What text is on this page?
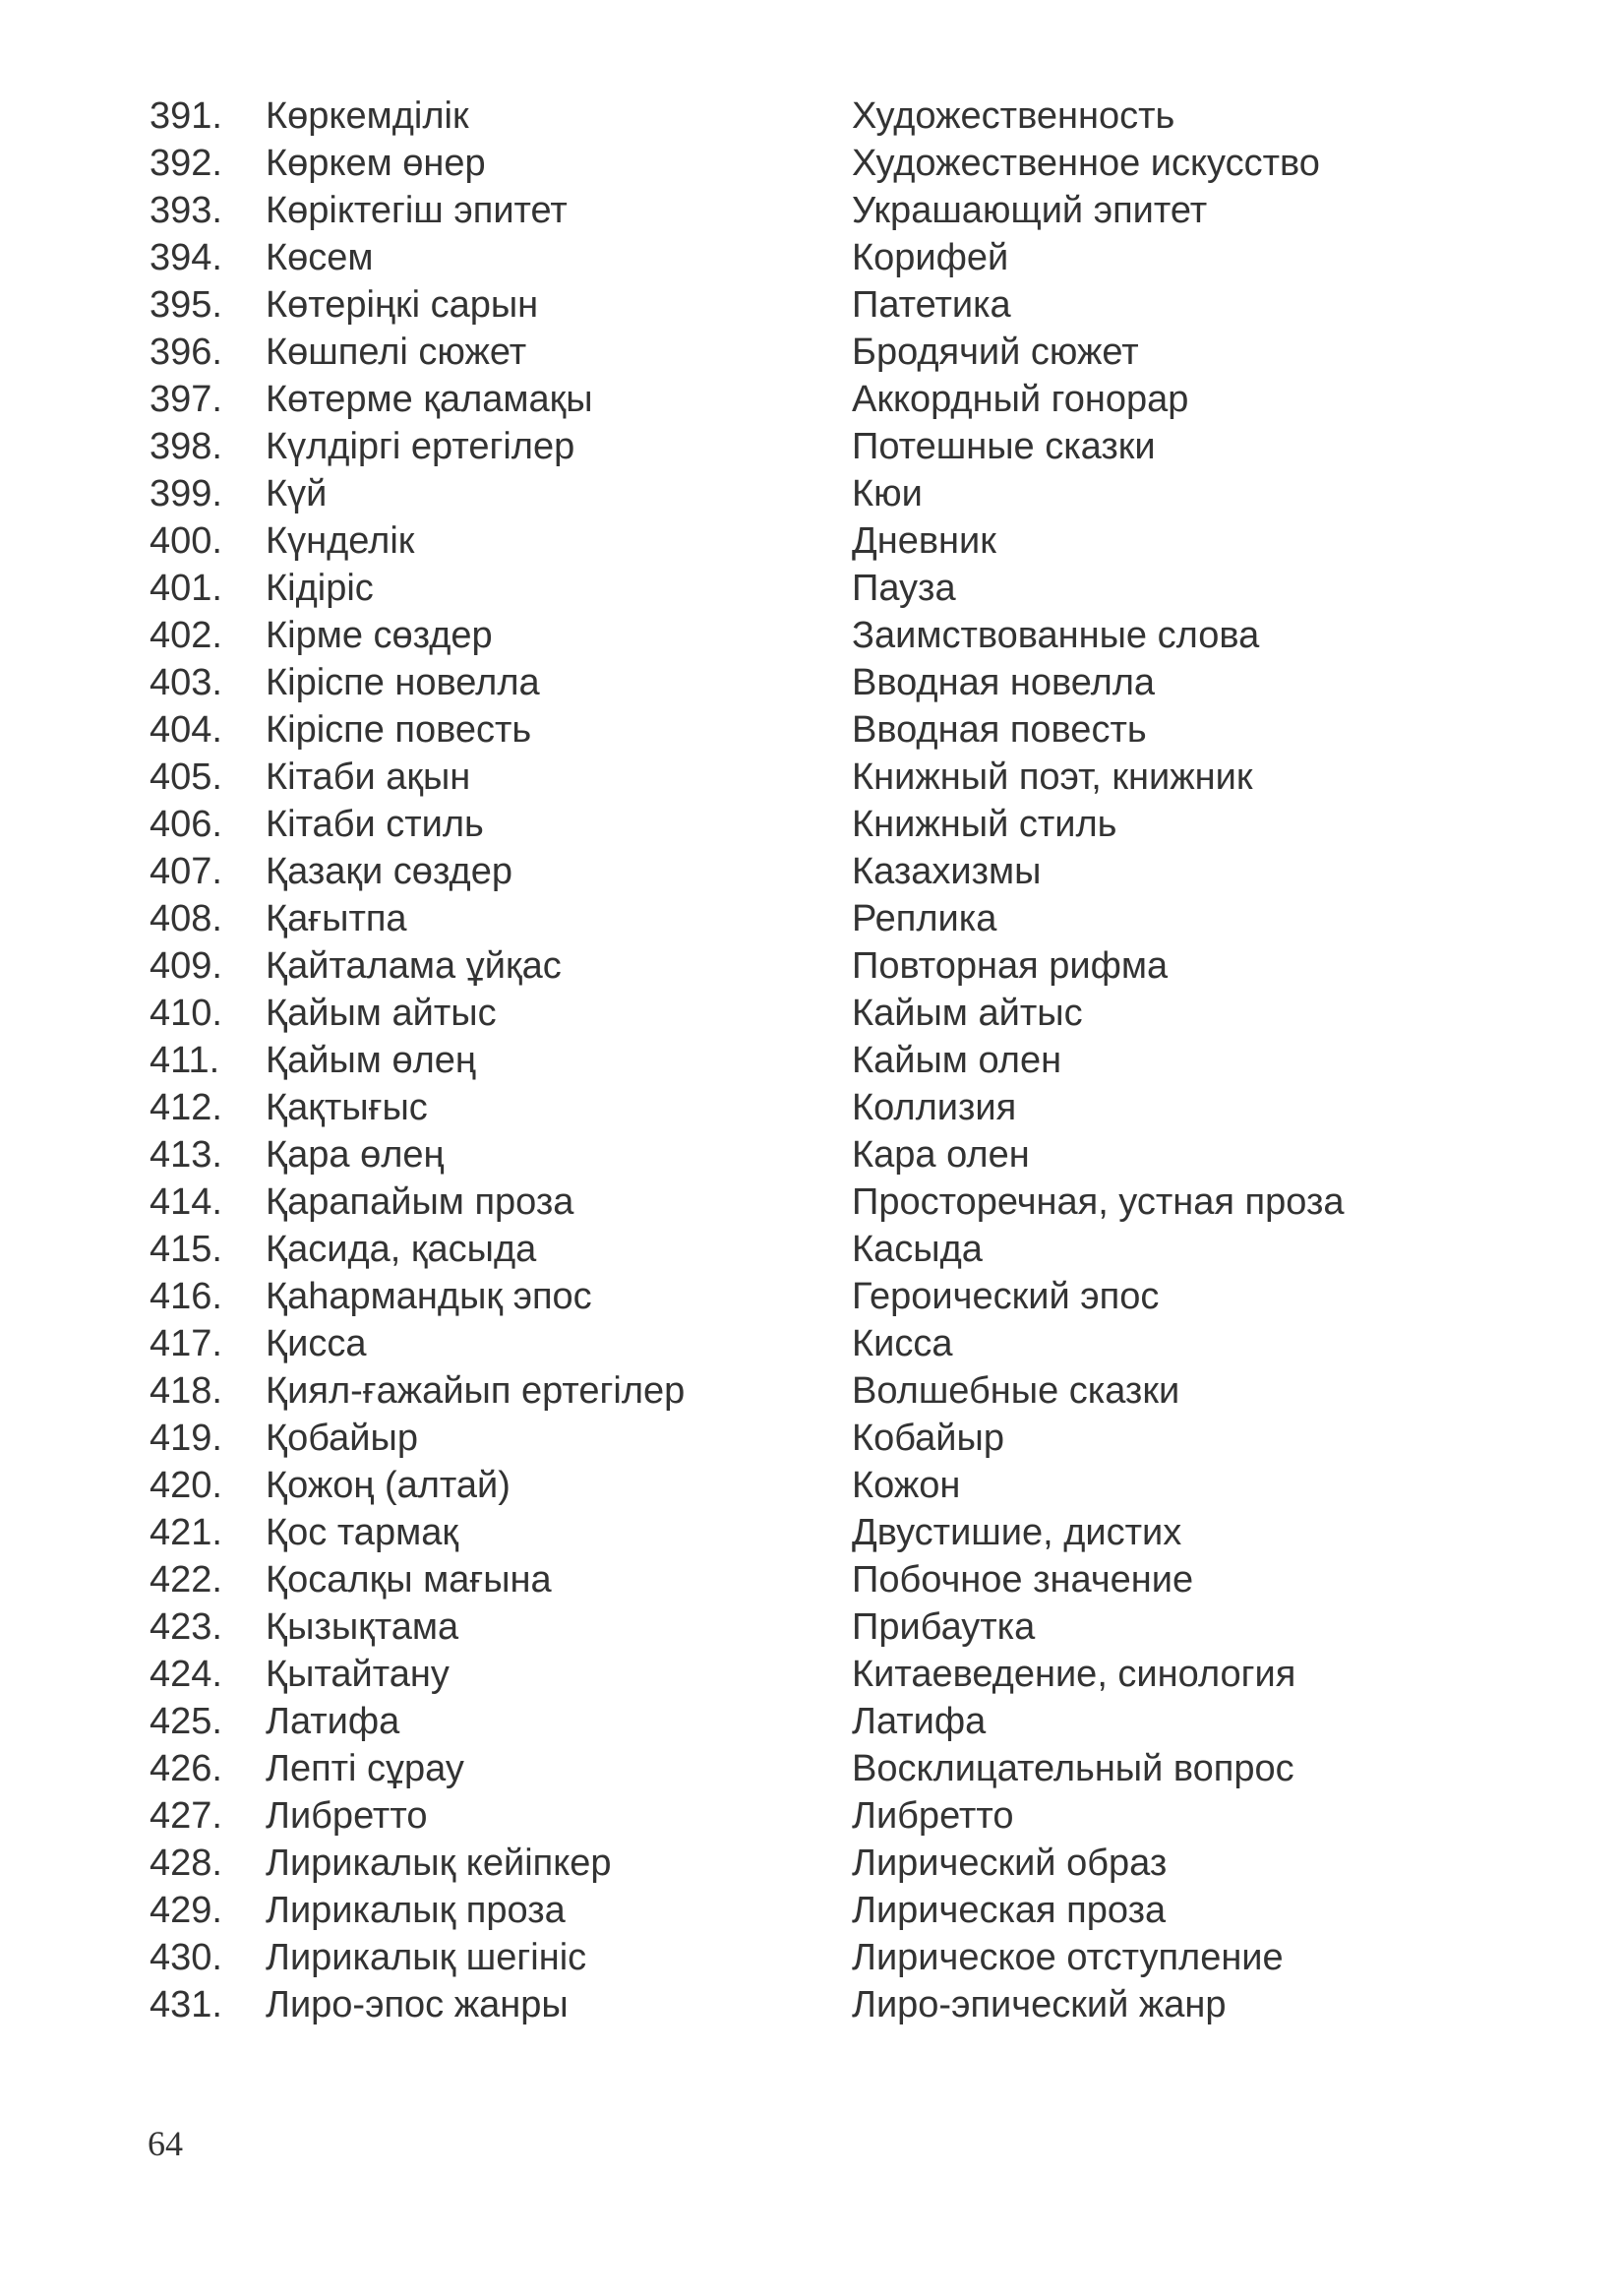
391. Көркемділік	Художественность
392. Көркем өнер	Художественное искусство
393. Көріктегіш эпитет	Украшающий эпитет
394. Көсем	Корифей
395. Көтеріңкі сарын	Патетика
396. Көшпелі сюжет	Бродячий сюжет
397. Көтерме қаламақы	Аккордный гонорар
398. Күлдіргі ертегілер	Потешные сказки
399. Күй	Кюи
400. Күнделік	Дневник
401. Кідіріс	Пауза
402. Кірме сөздер	Заимствованные слова
403. Кіріспе новелла	Вводная новелла
404. Кіріспе повесть	Вводная повесть
405. Кітаби ақын	Книжный поэт, книжник
406. Кітаби стиль	Книжный стиль
407. Қазақи сөздер	Казахизмы
408. Қағытпа	Реплика
409. Қайталама ұйқас	Повторная рифма
410. Қайым айтыс	Кайым айтыс
411. Қайым өлең	Кайым олен
412. Қақтығыс	Коллизия
413. Қара өлең	Кара олен
414. Қарапайым проза	Просторечная, устная проза
415. Қасида, қасыда	Касыда
416. Қаһармандық эпос	Героический эпос
417. Қисса	Кисса
418. Қиял-ғажайып ертегілер	Волшебные сказки
419. Қобайыр	Кобайыр
420. Қожоң (алтай)	Кожон
421. Қос тармақ	Двустишие, дистих
422. Қосалқы мағына	Побочное значение
423. Қызықтама	Прибаутка
424. Қытайтану	Китаеведение, синология
425. Латифа	Латифа
426. Лепті сұрау	Восклицательный вопрос
427. Либретто	Либретто
428. Лирикалық кейіпкер	Лирический образ
429. Лирикалық проза	Лирическая проза
430. Лирикалық шегініс	Лирическое отступление
431. Лиро-эпос жанры	Лиро-эпический жанр
64
